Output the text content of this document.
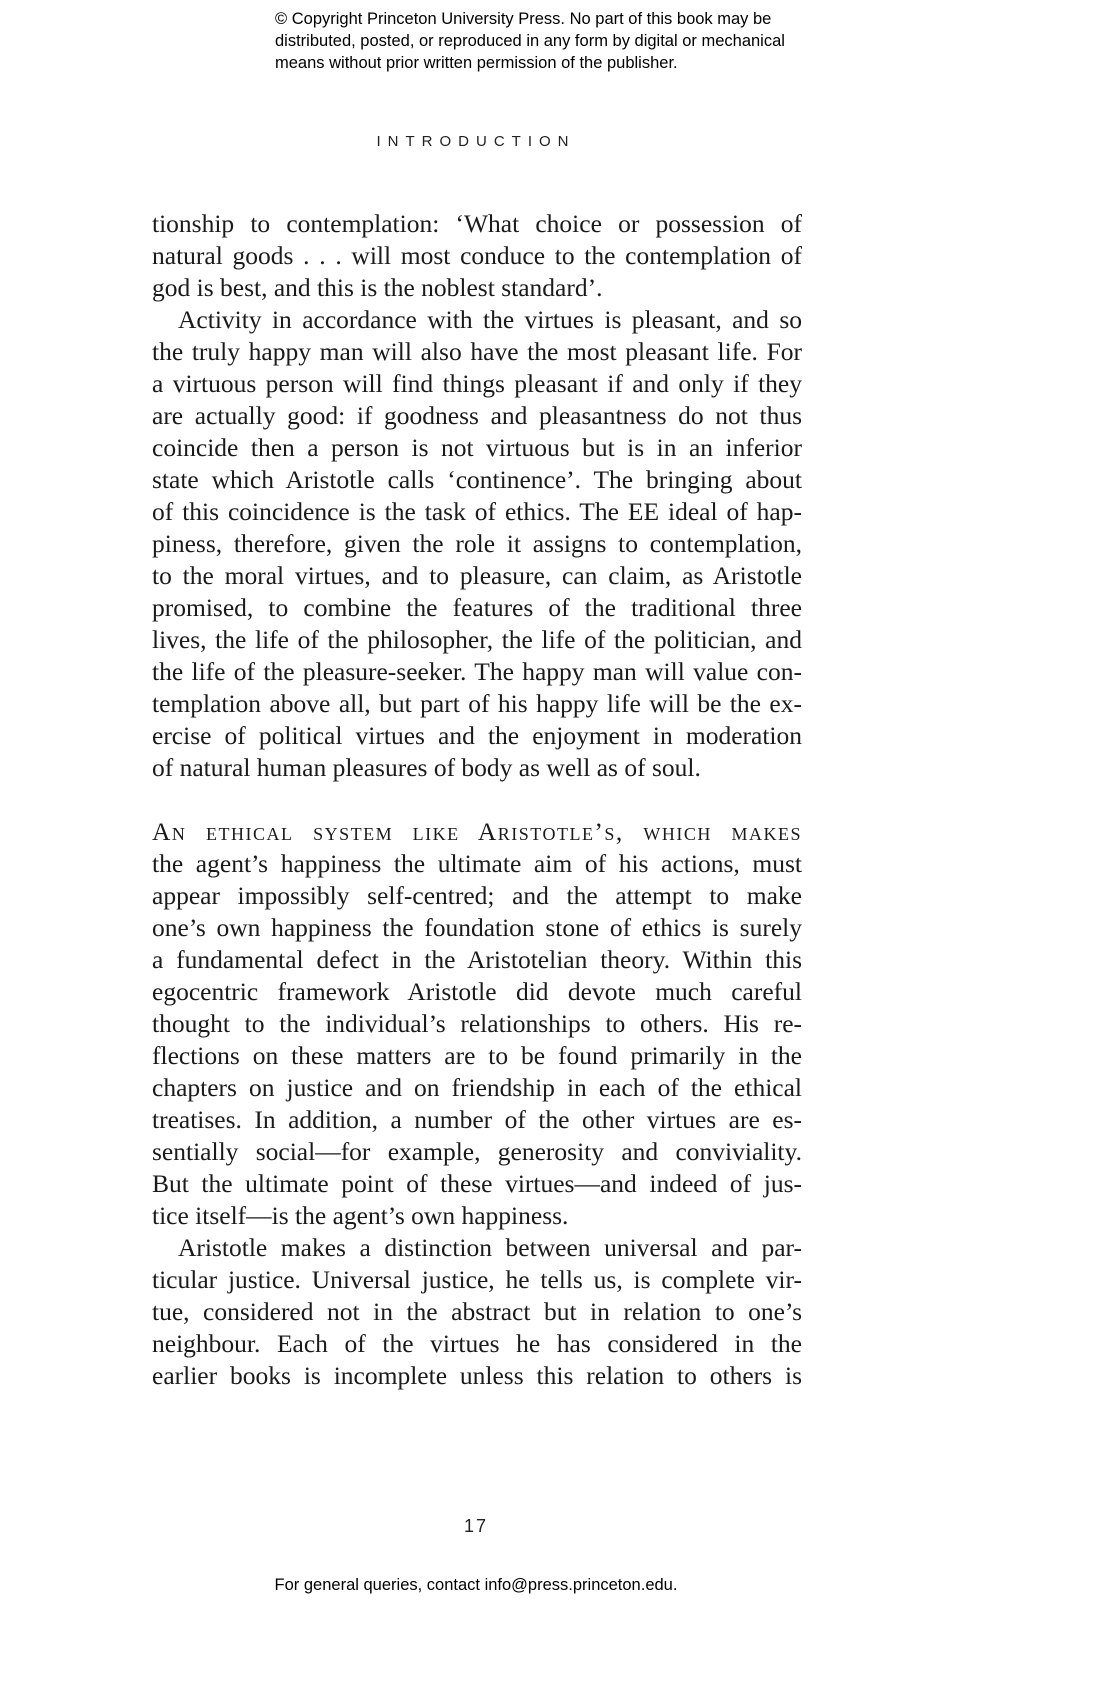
© Copyright Princeton University Press. No part of this book may be
distributed, posted, or reproduced in any form by digital or mechanical
means without prior written permission of the publisher.
INTRODUCTION
tionship to contemplation: ‘What choice or possession of
natural goods . . . will most conduce to the contemplation of
god is best, and this is the noblest standard’.
Activity in accordance with the virtues is pleasant, and so
the truly happy man will also have the most pleasant life. For
a virtuous person will find things pleasant if and only if they
are actually good: if goodness and pleasantness do not thus
coincide then a person is not virtuous but is in an inferior
state which Aristotle calls ‘continence’. The bringing about
of this coincidence is the task of ethics. The EE ideal of hap-
piness, therefore, given the role it assigns to contemplation,
to the moral virtues, and to pleasure, can claim, as Aristotle
promised, to combine the features of the traditional three
lives, the life of the philosopher, the life of the politician, and
the life of the pleasure-seeker. The happy man will value con-
templation above all, but part of his happy life will be the ex-
ercise of political virtues and the enjoyment in moderation
of natural human pleasures of body as well as of soul.
An ethical system like Aristotle’s, which makes
the agent’s happiness the ultimate aim of his actions, must
appear impossibly self-centred; and the attempt to make
one’s own happiness the foundation stone of ethics is surely
a fundamental defect in the Aristotelian theory. Within this
egocentric framework Aristotle did devote much careful
thought to the individual’s relationships to others. His re-
flections on these matters are to be found primarily in the
chapters on justice and on friendship in each of the ethical
treatises. In addition, a number of the other virtues are es-
sentially social—for example, generosity and conviviality.
But the ultimate point of these virtues—and indeed of jus-
tice itself—is the agent’s own happiness.
Aristotle makes a distinction between universal and par-
ticular justice. Universal justice, he tells us, is complete vir-
tue, considered not in the abstract but in relation to one’s
neighbour. Each of the virtues he has considered in the
earlier books is incomplete unless this relation to others is
17
For general queries, contact info@press.princeton.edu.
